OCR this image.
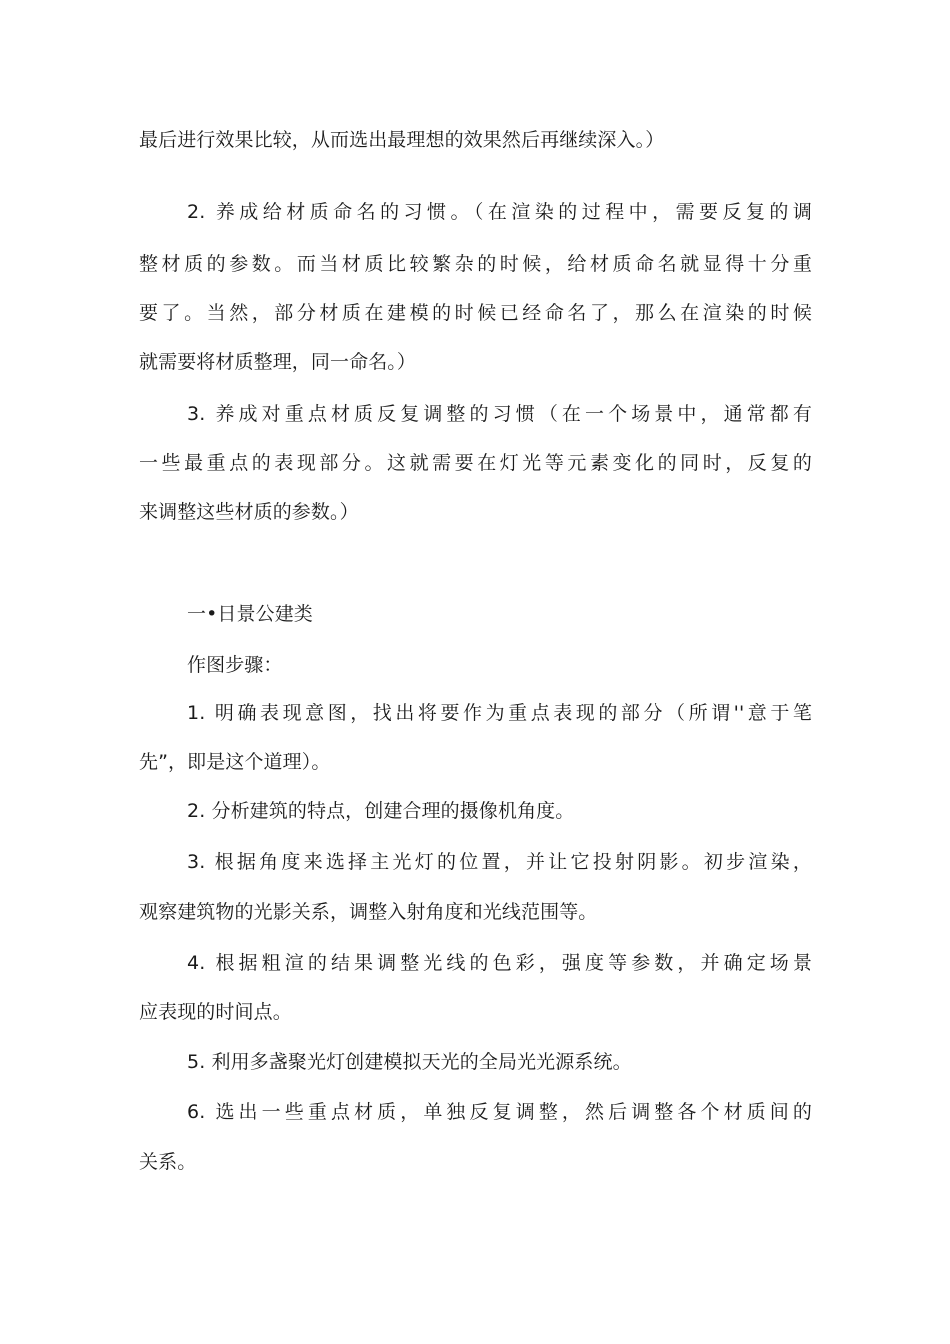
最后进行效果比较，从而选出最理想的效果然后再继续深入。）
2. 养成给材质命名的习惯。（在渲染的过程中，需要反复的调
整材质的参数。而当材质比较繁杂的时候，给材质命名就显得十分重
要了。当然，部分材质在建模的时候已经命名了，那么在渲染的时候
就需要将材质整理，同一命名。）
3. 养成对重点材质反复调整的习惯（在一个场景中，通常都有
一些最重点的表现部分。这就需要在灯光等元素变化的同时，反复的
来调整这些材质的参数。）
一•日景公建类
作图步骤：
1. 明确表现意图，找出将要作为重点表现的部分（所谓''意于笔
先”，即是这个道理）。
2. 分析建筑的特点，创建合理的摄像机角度。
3. 根据角度来选择主光灯的位置，并让它投射阴影。初步渲染，
观察建筑物的光影关系，调整入射角度和光线范围等。
4. 根据粗渲的结果调整光线的色彩，强度等参数，并确定场景
应表现的时间点。
5. 利用多盏聚光灯创建模拟天光的全局光光源系统。
6. 选出一些重点材质，单独反复调整，然后调整各个材质间的
关系。
